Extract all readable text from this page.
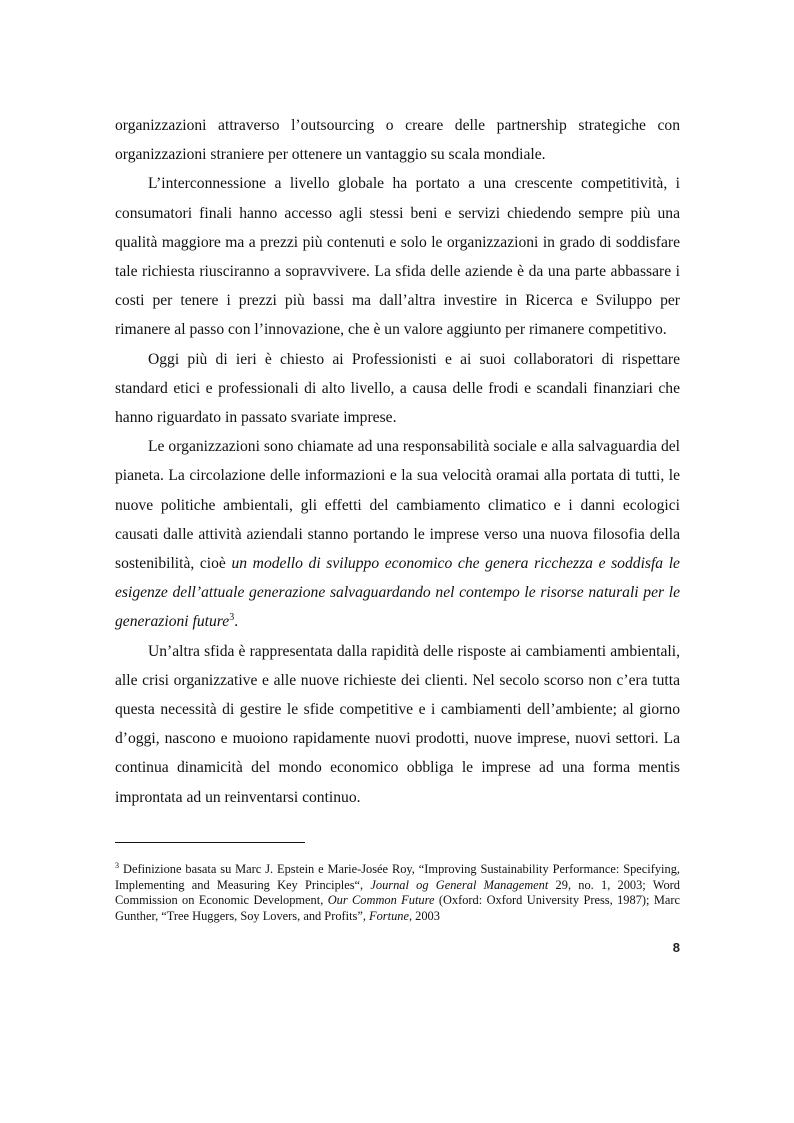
organizzazioni attraverso l’outsourcing o creare delle partnership strategiche con organizzazioni straniere per ottenere un vantaggio su scala mondiale.

L’interconnessione a livello globale ha portato a una crescente competitività, i consumatori finali hanno accesso agli stessi beni e servizi chiedendo sempre più una qualità maggiore ma a prezzi più contenuti e solo le organizzazioni in grado di soddisfare tale richiesta riusciranno a sopravvivere. La sfida delle aziende è da una parte abbassare i costi per tenere i prezzi più bassi ma dall’altra investire in Ricerca e Sviluppo per rimanere al passo con l’innovazione, che è un valore aggiunto per rimanere competitivo.

Oggi più di ieri è chiesto ai Professionisti e ai suoi collaboratori di rispettare standard etici e professionali di alto livello, a causa delle frodi e scandali finanziari che hanno riguardato in passato svariate imprese.

Le organizzazioni sono chiamate ad una responsabilità sociale e alla salvaguardia del pianeta. La circolazione delle informazioni e la sua velocità oramai alla portata di tutti, le nuove politiche ambientali, gli effetti del cambiamento climatico e i danni ecologici causati dalle attività aziendali stanno portando le imprese verso una nuova filosofia della sostenibilità, cioè un modello di sviluppo economico che genera ricchezza e soddisfa le esigenze dell’attuale generazione salvaguardando nel contempo le risorse naturali per le generazioni future$^3$.

Un’altra sfida è rappresentata dalla rapidità delle risposte ai cambiamenti ambientali, alle crisi organizzative e alle nuove richieste dei clienti. Nel secolo scorso non c’era tutta questa necessità di gestire le sfide competitive e i cambiamenti dell’ambiente; al giorno d’oggi, nascono e muoiono rapidamente nuovi prodotti, nuove imprese, nuovi settori. La continua dinamicità del mondo economico obbliga le imprese ad una forma mentis improntata ad un reinventarsi continuo.

$^3$ Definizione basata su Marc J. Epstein e Marie-Josée Roy, “Improving Sustainability Performance: Specifying, Implementing and Measuring Key Principles“, Journal og General Management 29, no. 1, 2003; Word Commission on Economic Development, Our Common Future (Oxford: Oxford University Press, 1987); Marc Gunther, “Tree Huggers, Soy Lovers, and Profits”, Fortune, 2003
8
